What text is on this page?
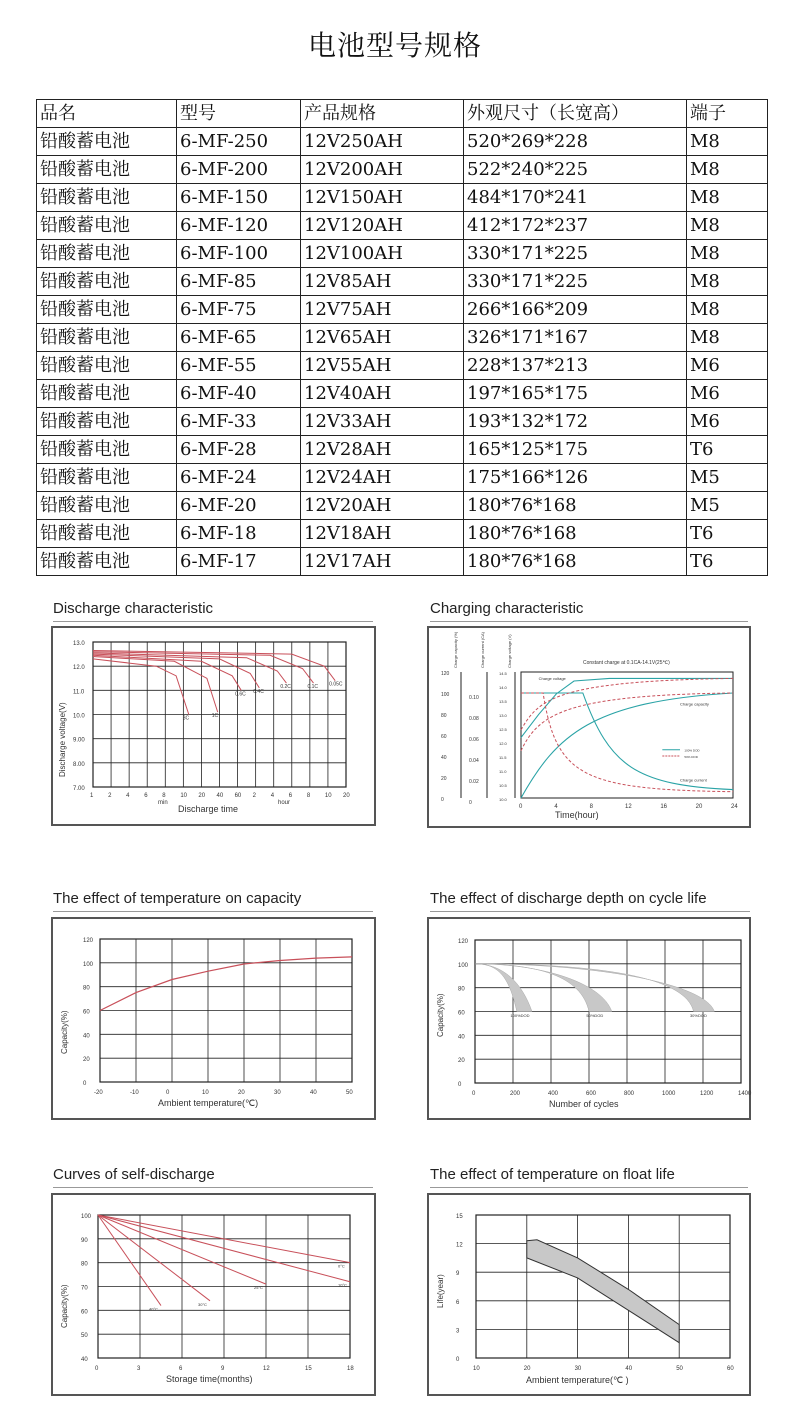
电池型号规格
品名	型号	产品规格	外观尺寸（长宽高）	端子
铅酸蓄电池	6-MF-250	12V250AH	520*269*228	M8
铅酸蓄电池	6-MF-200	12V200AH	522*240*225	M8
铅酸蓄电池	6-MF-150	12V150AH	484*170*241	M8
铅酸蓄电池	6-MF-120	12V120AH	412*172*237	M8
铅酸蓄电池	6-MF-100	12V100AH	330*171*225	M8
铅酸蓄电池	6-MF-85	12V85AH	330*171*225	M8
铅酸蓄电池	6-MF-75	12V75AH	266*166*209	M8
铅酸蓄电池	6-MF-65	12V65AH	326*171*167	M8
铅酸蓄电池	6-MF-55	12V55AH	228*137*213	M6
铅酸蓄电池	6-MF-40	12V40AH	197*165*175	M6
铅酸蓄电池	6-MF-33	12V33AH	193*132*172	M6
铅酸蓄电池	6-MF-28	12V28AH	165*125*175	T6
铅酸蓄电池	6-MF-24	12V24AH	175*166*126	M5
铅酸蓄电池	6-MF-20	12V20AH	180*76*168	M5
铅酸蓄电池	6-MF-18	12V18AH	180*76*168	T6
铅酸蓄电池	6-MF-17	12V17AH	180*76*168	T6
Discharge characteristic	Charging characteristic
The effect of temperature on capacity	The effect of discharge depth on cycle life
Curves of self-discharge	The effect of temperature on float life
13.0
12.0
11.0
10.0
9.00
8.00
7.00
1 2 4 6 8 10 20 40 60 2 4 6 8 10 20
min	hour
Discharge time
Discharge voltage(V)	3C	1C
0.6C 0.4C
0.2C	0.1C 0.05C
Charge capacity (%)	Charge current (CA)	Charge voltage (V)	Constant charge at 0.1CA-14.1V(25℃)
120
100
80
60
40
20
0
0.10
0.08
0.06
0.04
0.02
0
14.5
14.0
13.5
13.0
12.5
12.0
11.5
11.0
10.5
10.0
0	4	8	12	16	20	24
Time(hour)
Charge voltage
Charge capacity
Charge current
100% DOD
50% DOD
120
100
80
60
40
20
0
-20	-10	0	10	20	30	40	50
Ambient temperature(℃)
Capacity(%)
120
100
80
60
40
20
0
0	200	400	600	800	1000	1200	1400
Number of cycles
Capacity(%)	100%DOD	50%DOD	30%DOD
100
90
80
70
60
50
40
0	3	6	9	12	15	18
Storage time(months)
Capacity(%)
0°C
10°C
25°C
30°C
40°C
15
12
9
6
3
0
10	20	30	40	50	60
Ambient temperature(℃ )
Life(year)
